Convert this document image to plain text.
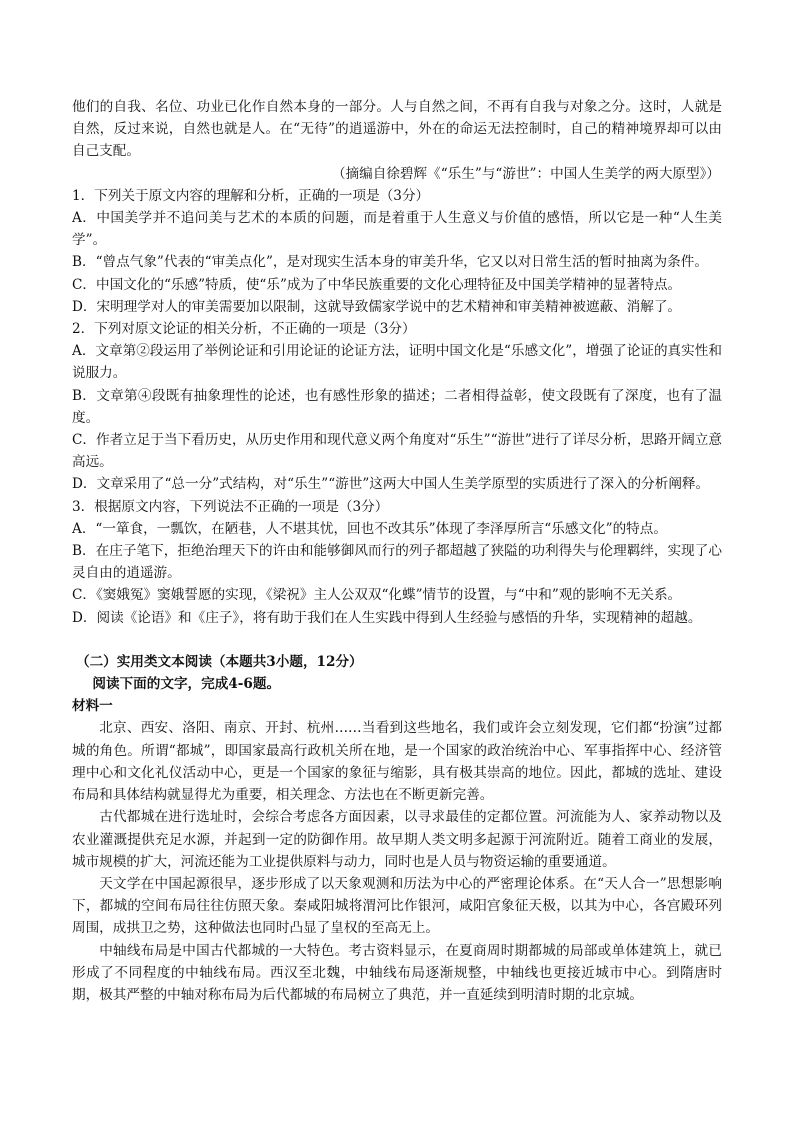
他们的自我、名位、功业已化作自然本身的一部分。人与自然之间，不再有自我与对象之分。这时，人就是自然，反过来说，自然也就是人。在“无待”的逍遥游中，外在的命运无法控制时，自己的精神境界却可以由自己支配。

（摘编自徐碧辉《“乐生”与“游世”：中国人生美学的两大原型》）

1．下列关于原文内容的理解和分析，正确的一项是（3分）

A．中国美学并不追问美与艺术的本质的问题，而是着重于人生意义与价值的感悟，所以它是一种“人生美学”。

B．“曾点气象”代表的“审美点化”，是对现实生活本身的审美升华，它又以对日常生活的暂时抽离为条件。

C．中国文化的“乐感”特质，使“乐”成为了中华民族重要的文化心理特征及中国美学精神的显著特点。

D．宋明理学对人的审美需要加以限制，这就导致儒家学说中的艺术精神和审美精神被遮蔽、消解了。

2．下列对原文论证的相关分析，不正确的一项是（3分）

A．文章第②段运用了举例论证和引用论证的论证方法，证明中国文化是“乐感文化”，增强了论证的真实性和说服力。

B．文章第④段既有抽象理性的论述，也有感性形象的描述；二者相得益彰，使文段既有了深度，也有了温度。

C．作者立足于当下看历史，从历史作用和现代意义两个角度对“乐生”“游世”进行了详尽分析，思路开阔立意高远。

D．文章采用了“总一分”式结构，对“乐生”“游世”这两大中国人生美学原型的实质进行了深入的分析阐释。

3．根据原文内容，下列说法不正确的一项是（3分）

A．“一箪食，一瓢饮，在陋巷，人不堪其忧，回也不改其乐”体现了李泽厚所言“乐感文化”的特点。

B．在庄子笔下，拒绝治理天下的许由和能够御风而行的列子都超越了狭隘的功利得失与伦理羁绊，实现了心灵自由的逍遥游。

C．《窦娥冤》窦娥誓愿的实现，《梁祝》主人公双双“化蝶”情节的设置，与“中和”观的影响不无关系。

D．阅读《论语》和《庄子》，将有助于我们在人生实践中得到人生经验与感悟的升华，实现精神的超越。

（二）实用类文本阅读（本题共3小题，12分）

阅读下面的文字，完成4-6题。

材料一

北京、西安、洛阳、南京、开封、杭州……当看到这些地名，我们或许会立刻发现，它们都“扮演”过都城的角色。所谓“都城”，即国家最高行政机关所在地，是一个国家的政治统治中心、军事指挥中心、经济管理中心和文化礼仪活动中心，更是一个国家的象征与缩影，具有极其崇高的地位。因此，都城的选址、建设布局和具体结构就显得尤为重要，相关理念、方法也在不断更新完善。

古代都城在进行选址时，会综合考虑各方面因素，以寻求最佳的定都位置。河流能为人、家养动物以及农业灌溉提供充足水源，并起到一定的防御作用。故早期人类文明多起源于河流附近。随着工商业的发展，城市规模的扩大，河流还能为工业提供原料与动力，同时也是人员与物资运输的重要通道。

天文学在中国起源很早，逐步形成了以天象观测和历法为中心的严密理论体系。在“天人合一”思想影响下，都城的空间布局往往仿照天象。秦咸阳城将渭河比作银河，咸阳宫象征天极，以其为中心，各宫殿环列周围，成拱卫之势，这种做法也同时凸显了皇权的至高无上。

中轴线布局是中国古代都城的一大特色。考古资料显示，在夏商周时期都城的局部或单体建筑上，就已形成了不同程度的中轴线布局。西汉至北魏，中轴线布局逐渐规整，中轴线也更接近城市中心。到隋唐时期，极其严整的中轴对称布局为后代都城的布局树立了典范，并一直延续到明清时期的北京城。
